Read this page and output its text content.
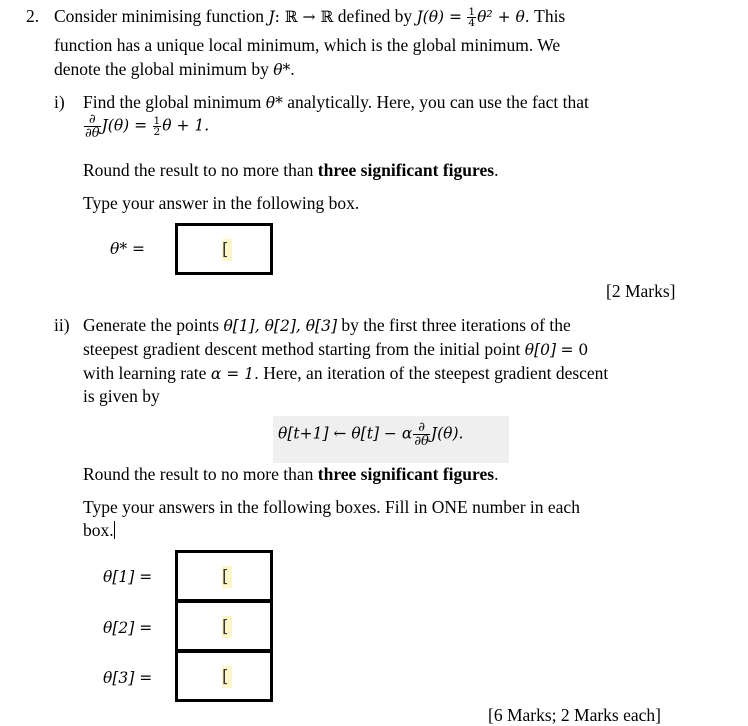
2. Consider minimising function J: ℝ → ℝ defined by $J(\theta) = \frac{1}{4} \theta^2 + \theta$. This
function has a unique local minimum, which is the global minimum. We
denote the global minimum by θ*.
i) Find the global minimum θ* analytically. Here, you can use the fact that
$\frac{\partial}{\partial\theta} J(\theta) = \frac{1}{2}$ θ + 1.
Round the result to no more than three significant figures.
Type your answer in the following box.
θ* =	[
[2 Marks]
ii) Generate the points θ[1], θ[2], θ[3] by the first three iterations of the
steepest gradient descent method starting from the initial point θ[0] = 0
with learning rate α = 1. Here, an iteration of the steepest gradient descent
is given by
θ[t+1] ← θ[t] − α $\frac{\partial}{\partial\theta} J(\theta)$.
Round the result to no more than three significant figures.
Type your answers in the following boxes. Fill in ONE number in each
box.
θ[1] =	[
θ[2] =	[
θ[3] =	[
[6 Marks; 2 Marks each]
